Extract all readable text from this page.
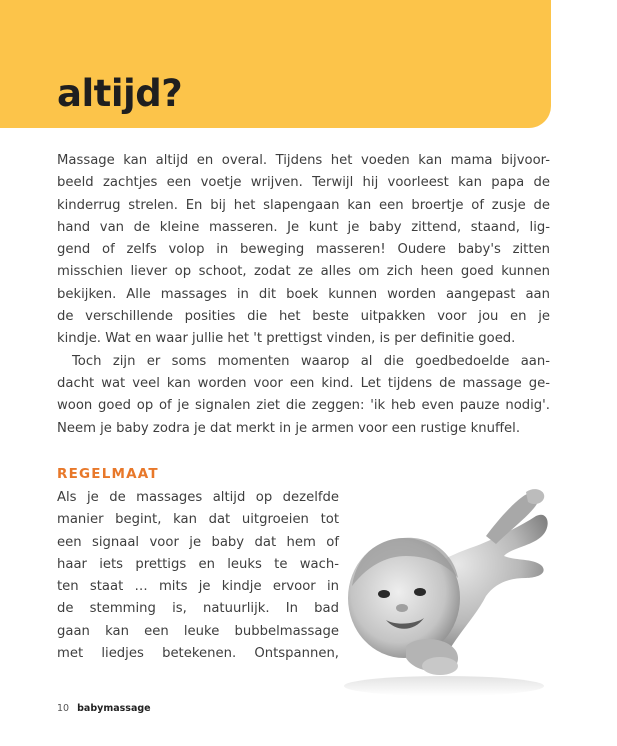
altijd?
Massage kan altijd en overal. Tijdens het voeden kan mama bijvoor-
beeld zachtjes een voetje wrijven. Terwijl hij voorleest kan papa de
kinderrug strelen. En bij het slapengaan kan een broertje of zusje de
hand van de kleine masseren. Je kunt je baby zittend, staand, lig-
gend of zelfs volop in beweging masseren! Oudere baby's zitten
misschien liever op schoot, zodat ze alles om zich heen goed kunnen
bekijken. Alle massages in dit boek kunnen worden aangepast aan
de verschillende posities die het beste uitpakken voor jou en je
kindje. Wat en waar jullie het 't prettigst vinden, is per definitie goed.
Toch zijn er soms momenten waarop al die goedbedoelde aan-
dacht wat veel kan worden voor een kind. Let tijdens de massage ge-
woon goed op of je signalen ziet die zeggen: 'ik heb even pauze nodig'.
Neem je baby zodra je dat merkt in je armen voor een rustige knuffel.
REGELMAAT
Als je de massages altijd op dezelfde
manier begint, kan dat uitgroeien tot
een signaal voor je baby dat hem of
haar iets prettigs en leuks te wach-
ten staat … mits je kindje ervoor in
de stemming is, natuurlijk. In bad
gaan kan een leuke bubbelmassage
met liedjes betekenen. Ontspannen,
10 babymassage
